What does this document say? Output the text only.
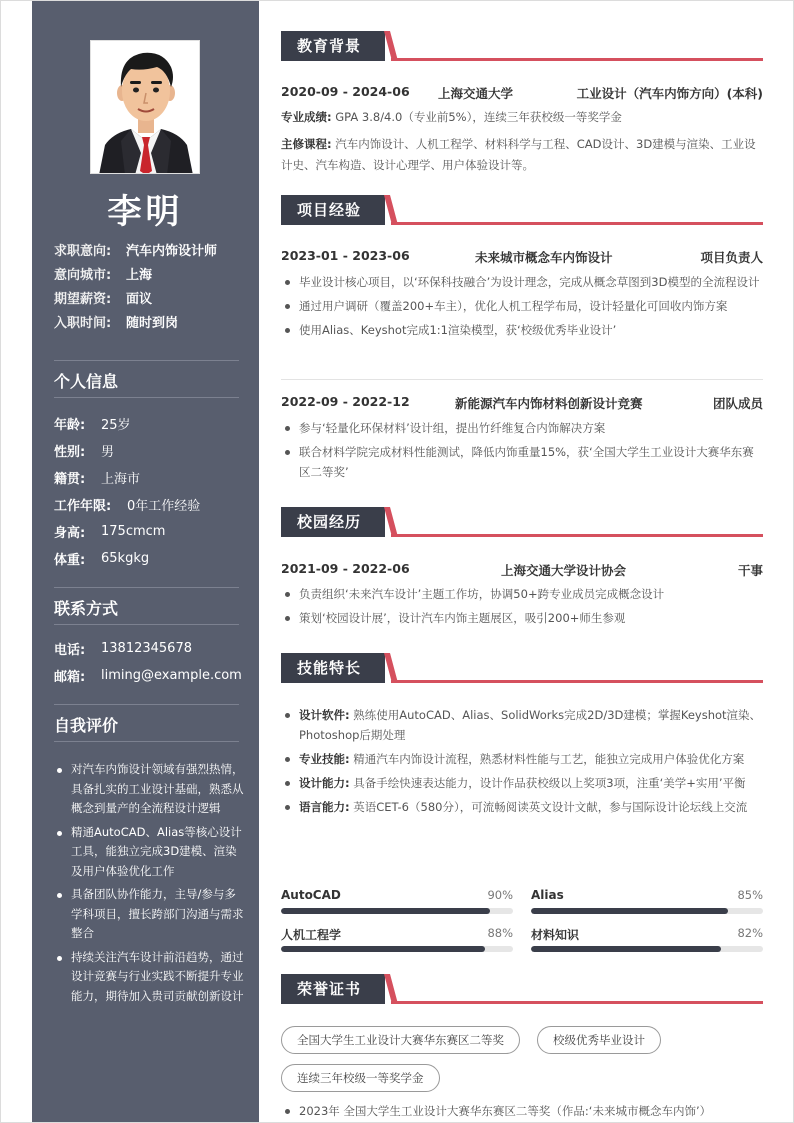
李明
求职意向:	汽车内饰设计师
意向城市:	上海
期望薪资:	面议
入职时间:	随时到岗
个人信息
年龄:	25岁
性别:	男
籍贯:	上海市
工作年限:	0年工作经验
身高:	175cmcm
体重:	65kgkg
联系方式
电话:	13812345678
邮箱:	liming@example.com
自我评价
对汽车内饰设计领域有强烈热情，具备扎实的工业设计基础，熟悉从概念到量产的全流程设计逻辑
精通AutoCAD、Alias等核心设计工具，能独立完成3D建模、渲染及用户体验优化工作
具备团队协作能力，主导/参与多学科项目，擅长跨部门沟通与需求整合
持续关注汽车设计前沿趋势，通过设计竞赛与行业实践不断提升专业能力，期待加入贵司贡献创新设计
教育背景
2020-09 - 2024-06 上海交通大学	工业设计（汽车内饰方向）(本科)
专业成绩: GPA 3.8/4.0（专业前5%），连续三年获校级一等奖学金
主修课程: 汽车内饰设计、人机工程学、材料科学与工程、CAD设计、3D建模与渲染、工业设计史、汽车构造、设计心理学、用户体验设计等。
项目经验
2023-01 - 2023-06	未来城市概念车内饰设计	项目负责人
毕业设计核心项目，以‘环保科技融合’为设计理念，完成从概念草图到3D模型的全流程设计
通过用户调研（覆盖200+车主），优化人机工程学布局，设计轻量化可回收内饰方案
使用Alias、Keyshot完成1:1渲染模型，获‘校级优秀毕业设计’
2022-09 - 2022-12	新能源汽车内饰材料创新设计竞赛	团队成员
参与‘轻量化环保材料’设计组，提出竹纤维复合内饰解决方案
联合材料学院完成材料性能测试，降低内饰重量15%，获‘全国大学生工业设计大赛华东赛区二等奖’
校园经历
2021-09 - 2022-06	上海交通大学设计协会	干事
负责组织‘未来汽车设计’主题工作坊，协调50+跨专业成员完成概念设计
策划‘校园设计展’，设计汽车内饰主题展区，吸引200+师生参观
技能特长
设计软件: 熟练使用AutoCAD、Alias、SolidWorks完成2D/3D建模；掌握Keyshot渲染、Photoshop后期处理
专业技能: 精通汽车内饰设计流程，熟悉材料性能与工艺，能独立完成用户体验优化方案
设计能力: 具备手绘快速表达能力，设计作品获校级以上奖项3项，注重‘美学+实用’平衡
语言能力: 英语CET-6（580分），可流畅阅读英文设计文献，参与国际设计论坛线上交流
AutoCAD	90% Alias	85%
人机工程学	88% 材料知识	82%
荣誉证书
全国大学生工业设计大赛华东赛区二等奖	校级优秀毕业设计
连续三年校级一等奖学金
2023年 全国大学生工业设计大赛华东赛区二等奖（作品:‘未来城市概念车内饰’）
